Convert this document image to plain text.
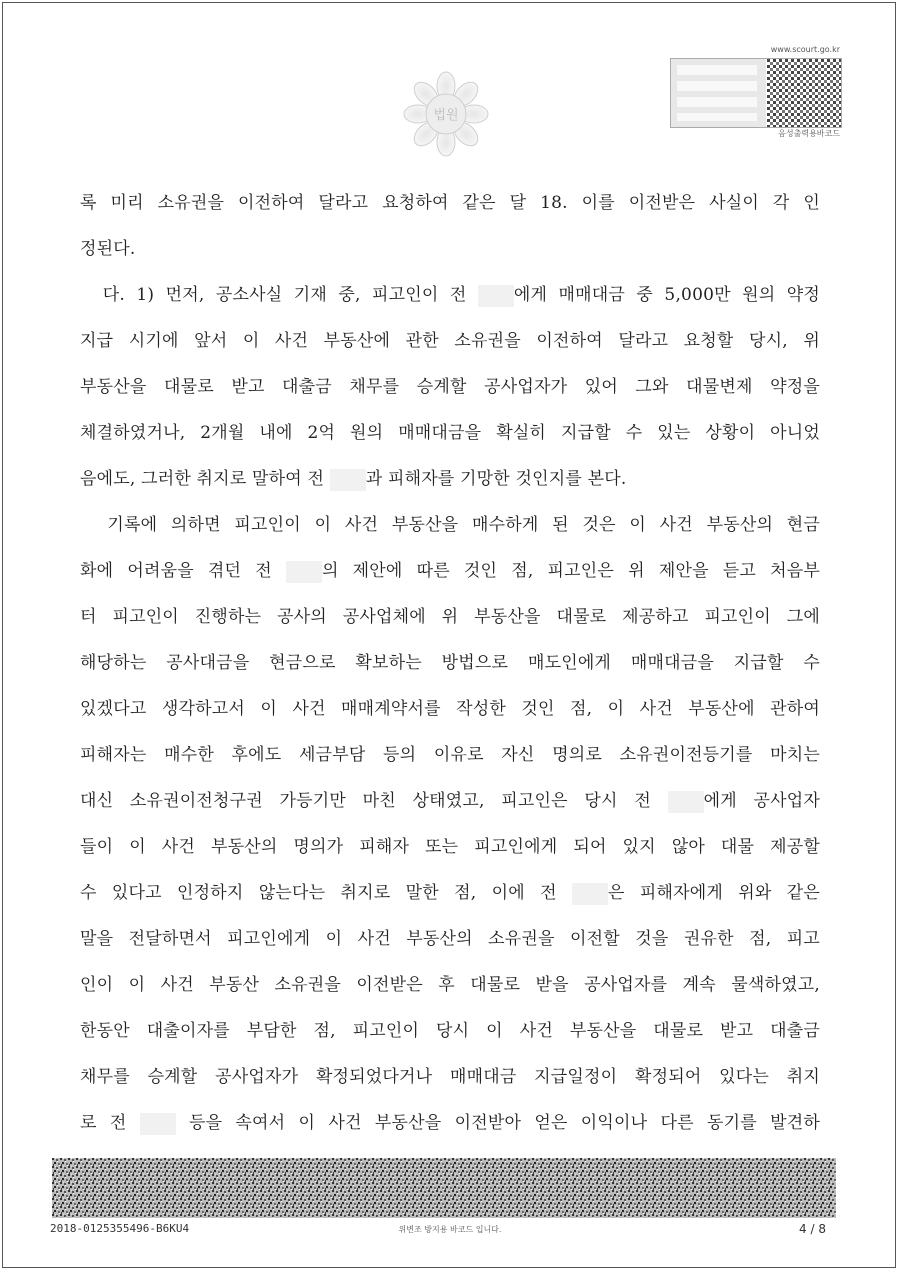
법원
www.scourt.go.kr
음성출력용바코드
록 미리 소유권을 이전하여 달라고 요청하여 같은 달 18. 이를 이전받은 사실이 각 인
정된다.
다. 1) 먼저, 공소사실 기재 중, 피고인이 전 에게 매매대금 중 5,000만 원의 약정
지급 시기에 앞서 이 사건 부동산에 관한 소유권을 이전하여 달라고 요청할 당시, 위
부동산을 대물로 받고 대출금 채무를 승계할 공사업자가 있어 그와 대물변제 약정을
체결하였거나, 2개월 내에 2억 원의 매매대금을 확실히 지급할 수 있는 상황이 아니었
음에도, 그러한 취지로 말하여 전 과 피해자를 기망한 것인지를 본다.
기록에 의하면 피고인이 이 사건 부동산을 매수하게 된 것은 이 사건 부동산의 현금
화에 어려움을 겪던 전 의 제안에 따른 것인 점, 피고인은 위 제안을 듣고 처음부
터 피고인이 진행하는 공사의 공사업체에 위 부동산을 대물로 제공하고 피고인이 그에
해당하는 공사대금을 현금으로 확보하는 방법으로 매도인에게 매매대금을 지급할 수
있겠다고 생각하고서 이 사건 매매계약서를 작성한 것인 점, 이 사건 부동산에 관하여
피해자는 매수한 후에도 세금부담 등의 이유로 자신 명의로 소유권이전등기를 마치는
대신 소유권이전청구권 가등기만 마친 상태였고, 피고인은 당시 전 에게 공사업자
들이 이 사건 부동산의 명의가 피해자 또는 피고인에게 되어 있지 않아 대물 제공할
수 있다고 인정하지 않는다는 취지로 말한 점, 이에 전 은 피해자에게 위와 같은
말을 전달하면서 피고인에게 이 사건 부동산의 소유권을 이전할 것을 권유한 점, 피고
인이 이 사건 부동산 소유권을 이전받은 후 대물로 받을 공사업자를 계속 물색하였고,
한동안 대출이자를 부담한 점, 피고인이 당시 이 사건 부동산을 대물로 받고 대출금
채무를 승계할 공사업자가 확정되었다거나 매매대금 지급일정이 확정되어 있다는 취지
로 전  등을 속여서 이 사건 부동산을 이전받아 얻은 이익이나 다른 동기를 발견하
2018-0125355496-B6KU4	위변조 방지용 바코드 입니다.	4 / 8
